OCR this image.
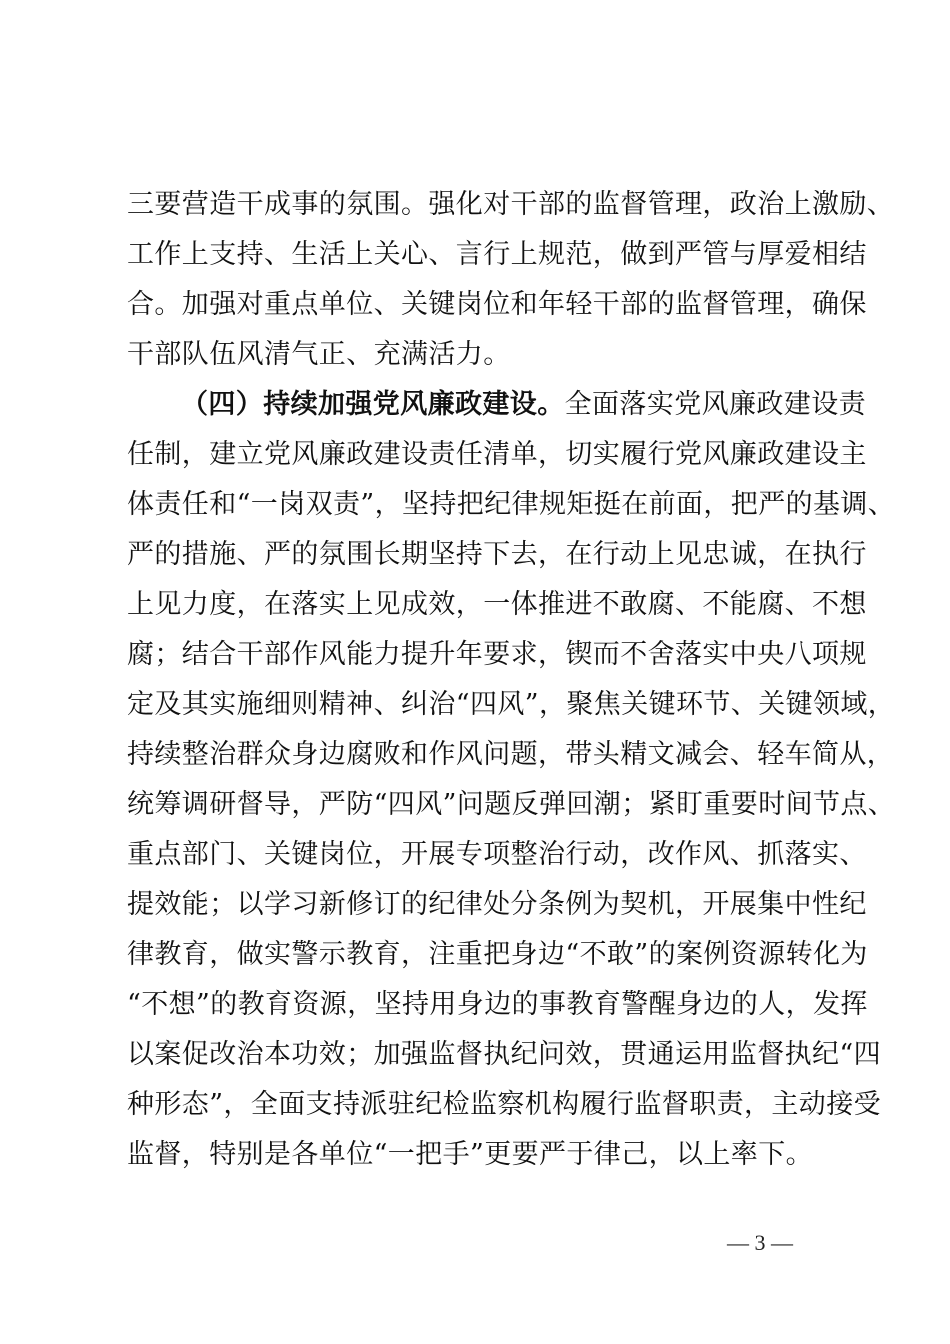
三要营造干成事的氛围。强化对干部的监督管理，政治上激励、
工作上支持、生活上关心、言行上规范，做到严管与厚爱相结
合。加强对重点单位、关键岗位和年轻干部的监督管理，确保
干部队伍风清气正、充满活力。
（四）持续加强党风廉政建设。全面落实党风廉政建设责
任制，建立党风廉政建设责任清单，切实履行党风廉政建设主
体责任和“一岗双责”，坚持把纪律规矩挺在前面，把严的基调、
严的措施、严的氛围长期坚持下去，在行动上见忠诚，在执行
上见力度，在落实上见成效，一体推进不敢腐、不能腐、不想
腐；结合干部作风能力提升年要求，锲而不舍落实中央八项规
定及其实施细则精神、纠治“四风”，聚焦关键环节、关键领域，
持续整治群众身边腐败和作风问题，带头精文减会、轻车简从，
统筹调研督导，严防“四风”问题反弹回潮；紧盯重要时间节点、
重点部门、关键岗位，开展专项整治行动，改作风、抓落实、
提效能；以学习新修订的纪律处分条例为契机，开展集中性纪
律教育，做实警示教育，注重把身边“不敢”的案例资源转化为
“不想”的教育资源，坚持用身边的事教育警醒身边的人，发挥
以案促改治本功效；加强监督执纪问效，贯通运用监督执纪“四
种形态”，全面支持派驻纪检监察机构履行监督职责，主动接受
监督，特别是各单位“一把手”更要严于律己，以上率下。
— 3 —
